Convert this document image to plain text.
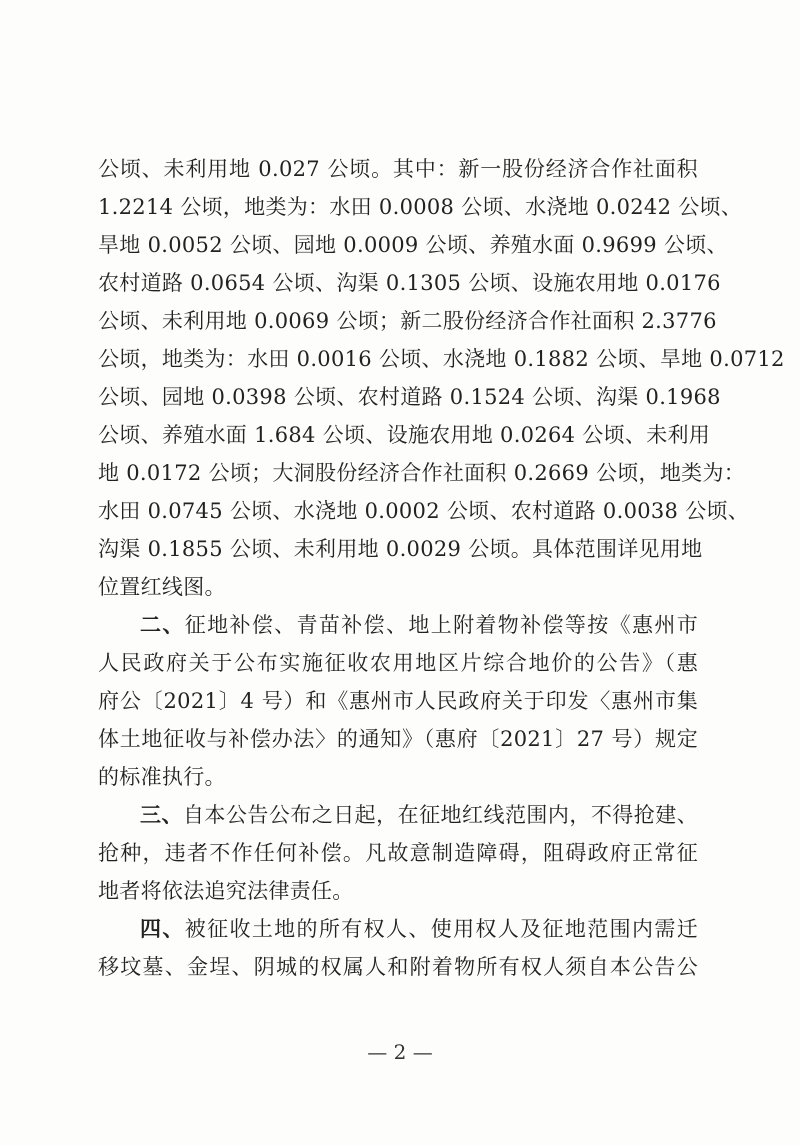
公顷、未利用地 0.027 公顷。其中：新一股份经济合作社面积
1.2214 公顷，地类为：水田 0.0008 公顷、水浇地 0.0242 公顷、
旱地 0.0052 公顷、园地 0.0009 公顷、养殖水面 0.9699 公顷、
农村道路 0.0654 公顷、沟渠 0.1305 公顷、设施农用地 0.0176
公顷、未利用地 0.0069 公顷；新二股份经济合作社面积 2.3776
公顷，地类为：水田 0.0016 公顷、水浇地 0.1882 公顷、旱地 0.0712
公顷、园地 0.0398 公顷、农村道路 0.1524 公顷、沟渠 0.1968
公顷、养殖水面 1.684 公顷、设施农用地 0.0264 公顷、未利用
地 0.0172 公顷；大洞股份经济合作社面积 0.2669 公顷，地类为：
水田 0.0745 公顷、水浇地 0.0002 公顷、农村道路 0.0038 公顷、
沟渠 0.1855 公顷、未利用地 0.0029 公顷。具体范围详见用地
位置红线图。
二、征地补偿、青苗补偿、地上附着物补偿等按《惠州市
人民政府关于公布实施征收农用地区片综合地价的公告》（惠
府公〔2021〕4 号）和《惠州市人民政府关于印发〈惠州市集
体土地征收与补偿办法〉的通知》（惠府〔2021〕27 号）规定
的标准执行。
三、自本公告公布之日起，在征地红线范围内，不得抢建、
抢种，违者不作任何补偿。凡故意制造障碍，阻碍政府正常征
地者将依法追究法律责任。
四、被征收土地的所有权人、使用权人及征地范围内需迁
移坟墓、金埕、阴城的权属人和附着物所有权人须自本公告公
— 2 —
